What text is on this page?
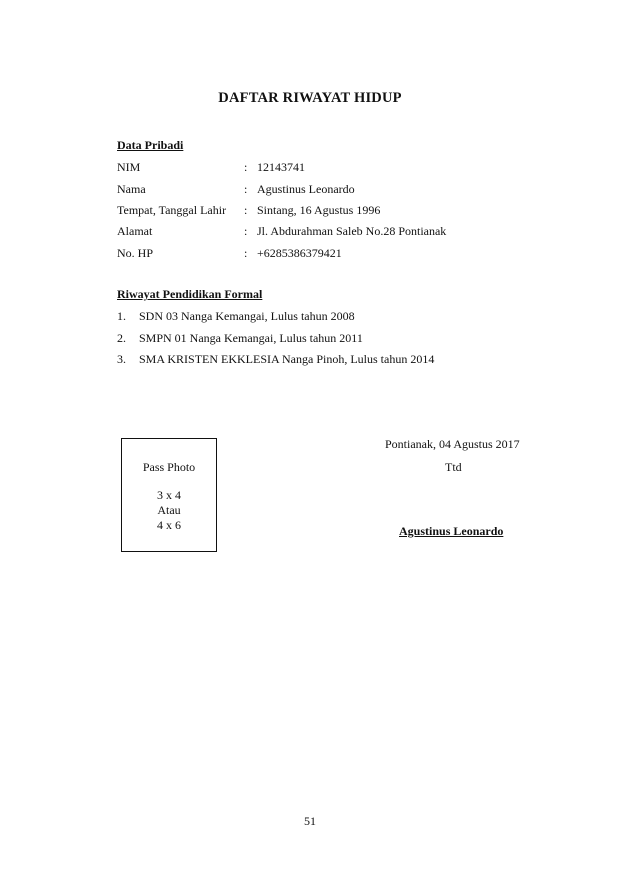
DAFTAR RIWAYAT HIDUP
Data Pribadi
NIM	: 12143741
Nama	: Agustinus Leonardo
Tempat, Tanggal Lahir : Sintang, 16 Agustus 1996
Alamat	: Jl. Abdurahman Saleb No.28 Pontianak
No. HP	: +6285386379421
Riwayat Pendidikan Formal
1. SDN 03 Nanga Kemangai, Lulus tahun 2008
2. SMPN 01 Nanga Kemangai, Lulus tahun 2011
3. SMA KRISTEN EKKLESIA Nanga Pinoh, Lulus tahun 2014
Pass Photo
3 x 4
Atau
4 x 6
Pontianak, 04 Agustus 2017
Ttd
Agustinus Leonardo
51
